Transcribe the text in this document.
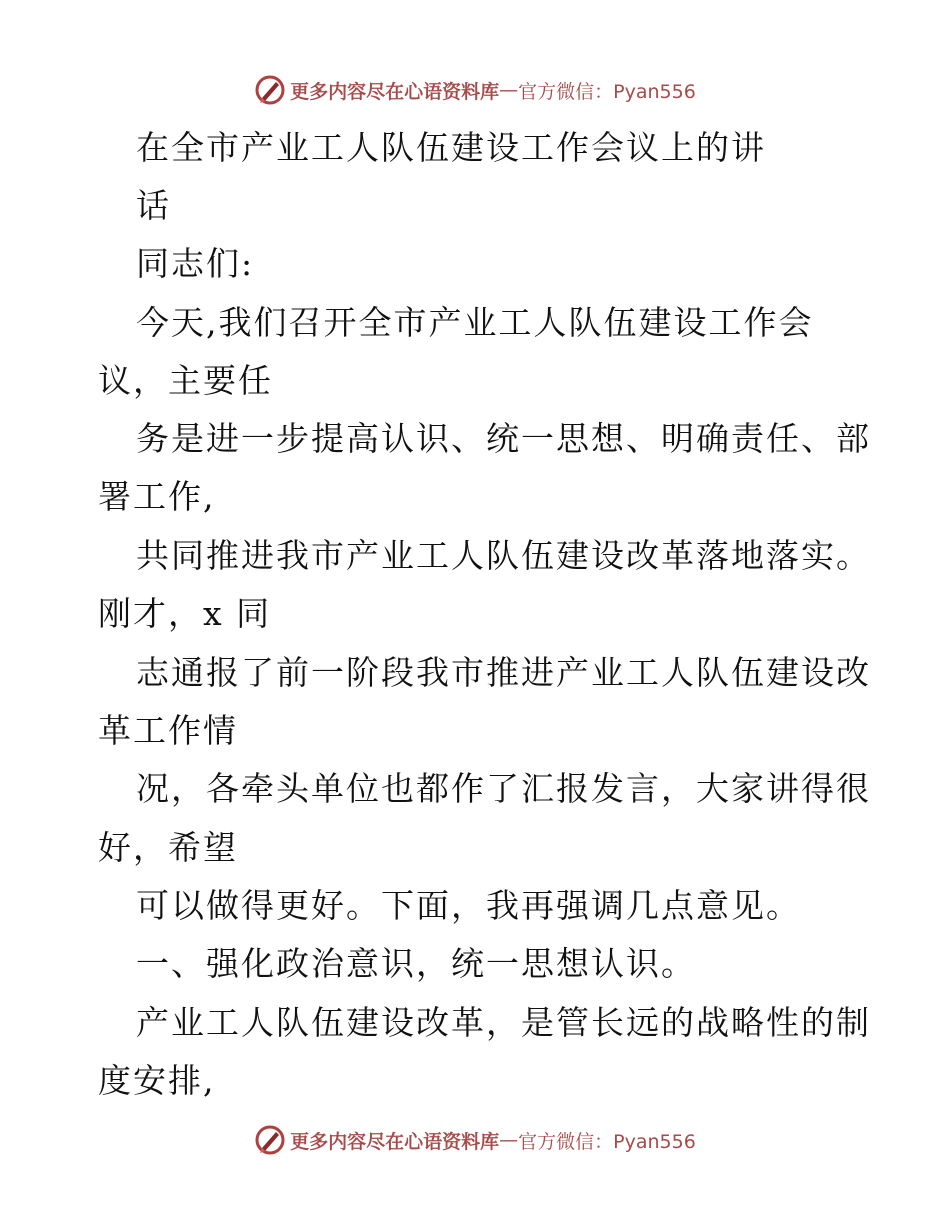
更多内容尽在心语资料库 — 官方微信：Pyan556
在全市产业工人队伍建设工作会议上的讲
话
同志们:
今天,我们召开全市产业工人队伍建设工作会
议，主要任
务是进一步提高认识、统一思想、明确责任、部
署工作,
共同推进我市产业工人队伍建设改革落地落实。
刚才，x 同
志通报了前一阶段我市推进产业工人队伍建设改
革工作情
况，各牵头单位也都作了汇报发言，大家讲得很
好，希望
可以做得更好。下面，我再强调几点意见。
一、强化政治意识，统一思想认识。
产业工人队伍建设改革，是管长远的战略性的制
度安排,
更多内容尽在心语资料库 — 官方微信：Pyan556
